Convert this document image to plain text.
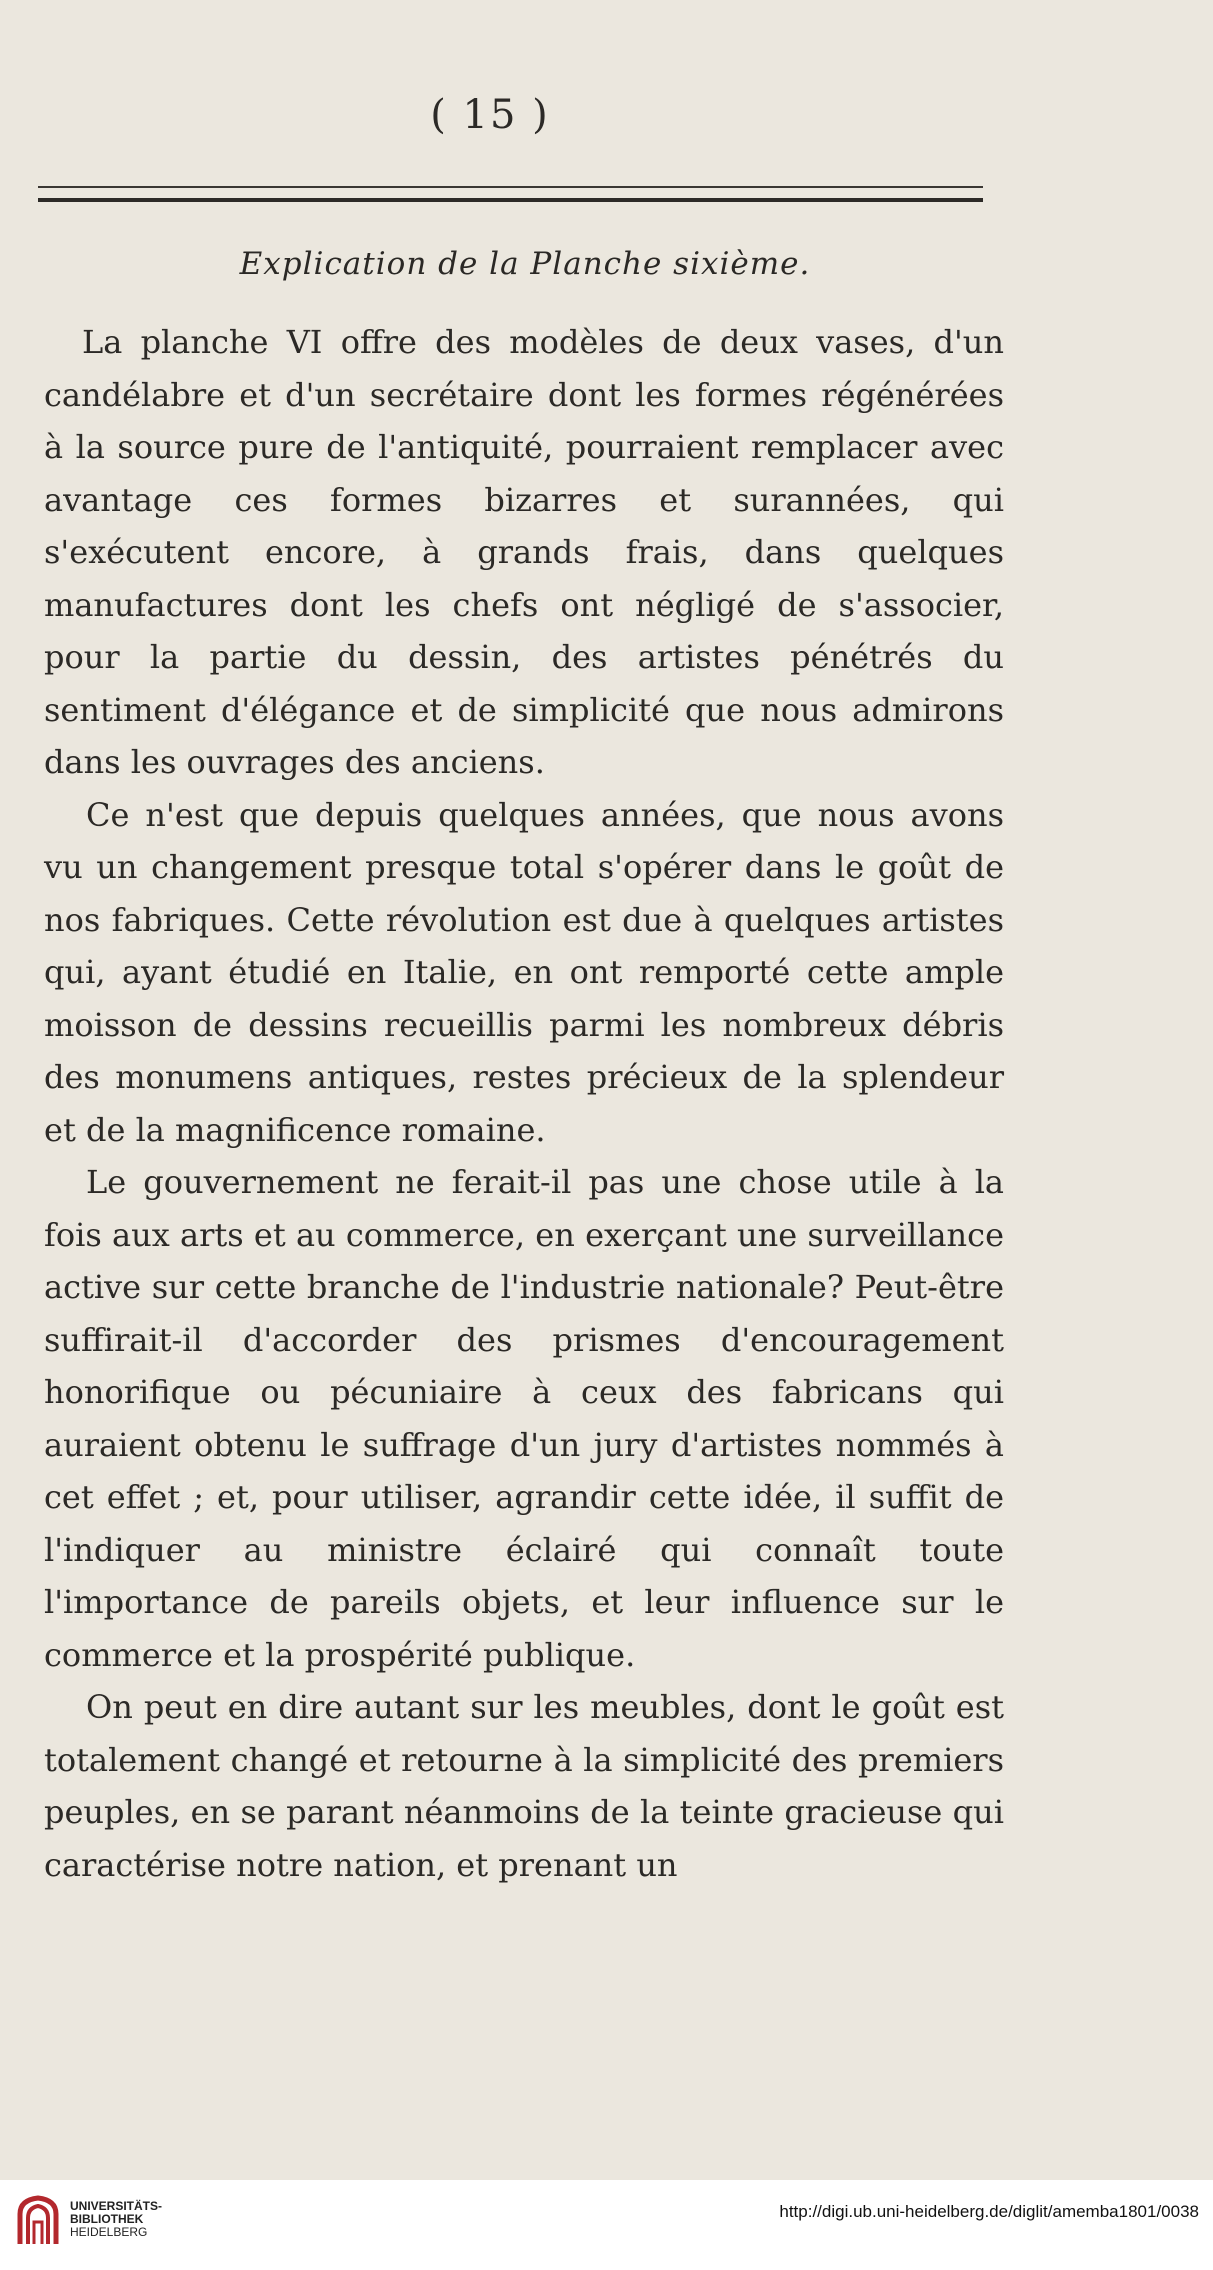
( 15 )
Explication de la Planche sixième.

La planche VI offre des modèles de deux vases, d'un candélabre et d'un secrétaire dont les formes régénérées à la source pure de l'antiquité, pourraient remplacer avec avantage ces formes bizarres et surannées, qui s'exécutent encore, à grands frais, dans quelques manufactures dont les chefs ont négligé de s'associer, pour la partie du dessin, des artistes pénétrés du sentiment d'élégance et de simplicité que nous admirons dans les ouvrages des anciens.

Ce n'est que depuis quelques années, que nous avons vu un changement presque total s'opérer dans le goût de nos fabriques. Cette révolution est due à quelques artistes qui, ayant étudié en Italie, en ont remporté cette ample moisson de dessins recueillis parmi les nombreux débris des monumens antiques, restes précieux de la splendeur et de la magnificence romaine.

Le gouvernement ne ferait-il pas une chose utile à la fois aux arts et au commerce, en exerçant une surveillance active sur cette branche de l'industrie nationale? Peut-être suffirait-il d'accorder des prismes d'encouragement honorifique ou pécuniaire à ceux des fabricans qui auraient obtenu le suffrage d'un jury d'artistes nommés à cet effet ; et, pour utiliser, agrandir cette idée, il suffit de l'indiquer au ministre éclairé qui connaît toute l'importance de pareils objets, et leur influence sur le commerce et la prospérité publique.

On peut en dire autant sur les meubles, dont le goût est totalement changé et retourne à la simplicité des premiers peuples, en se parant néanmoins de la teinte gracieuse qui caractérise notre nation, et prenant un

UNIVERSITÄTS-
BIBLIOTHEK
HEIDELBERG
http://digi.ub.uni-heidelberg.de/diglit/amemba1801/0038
